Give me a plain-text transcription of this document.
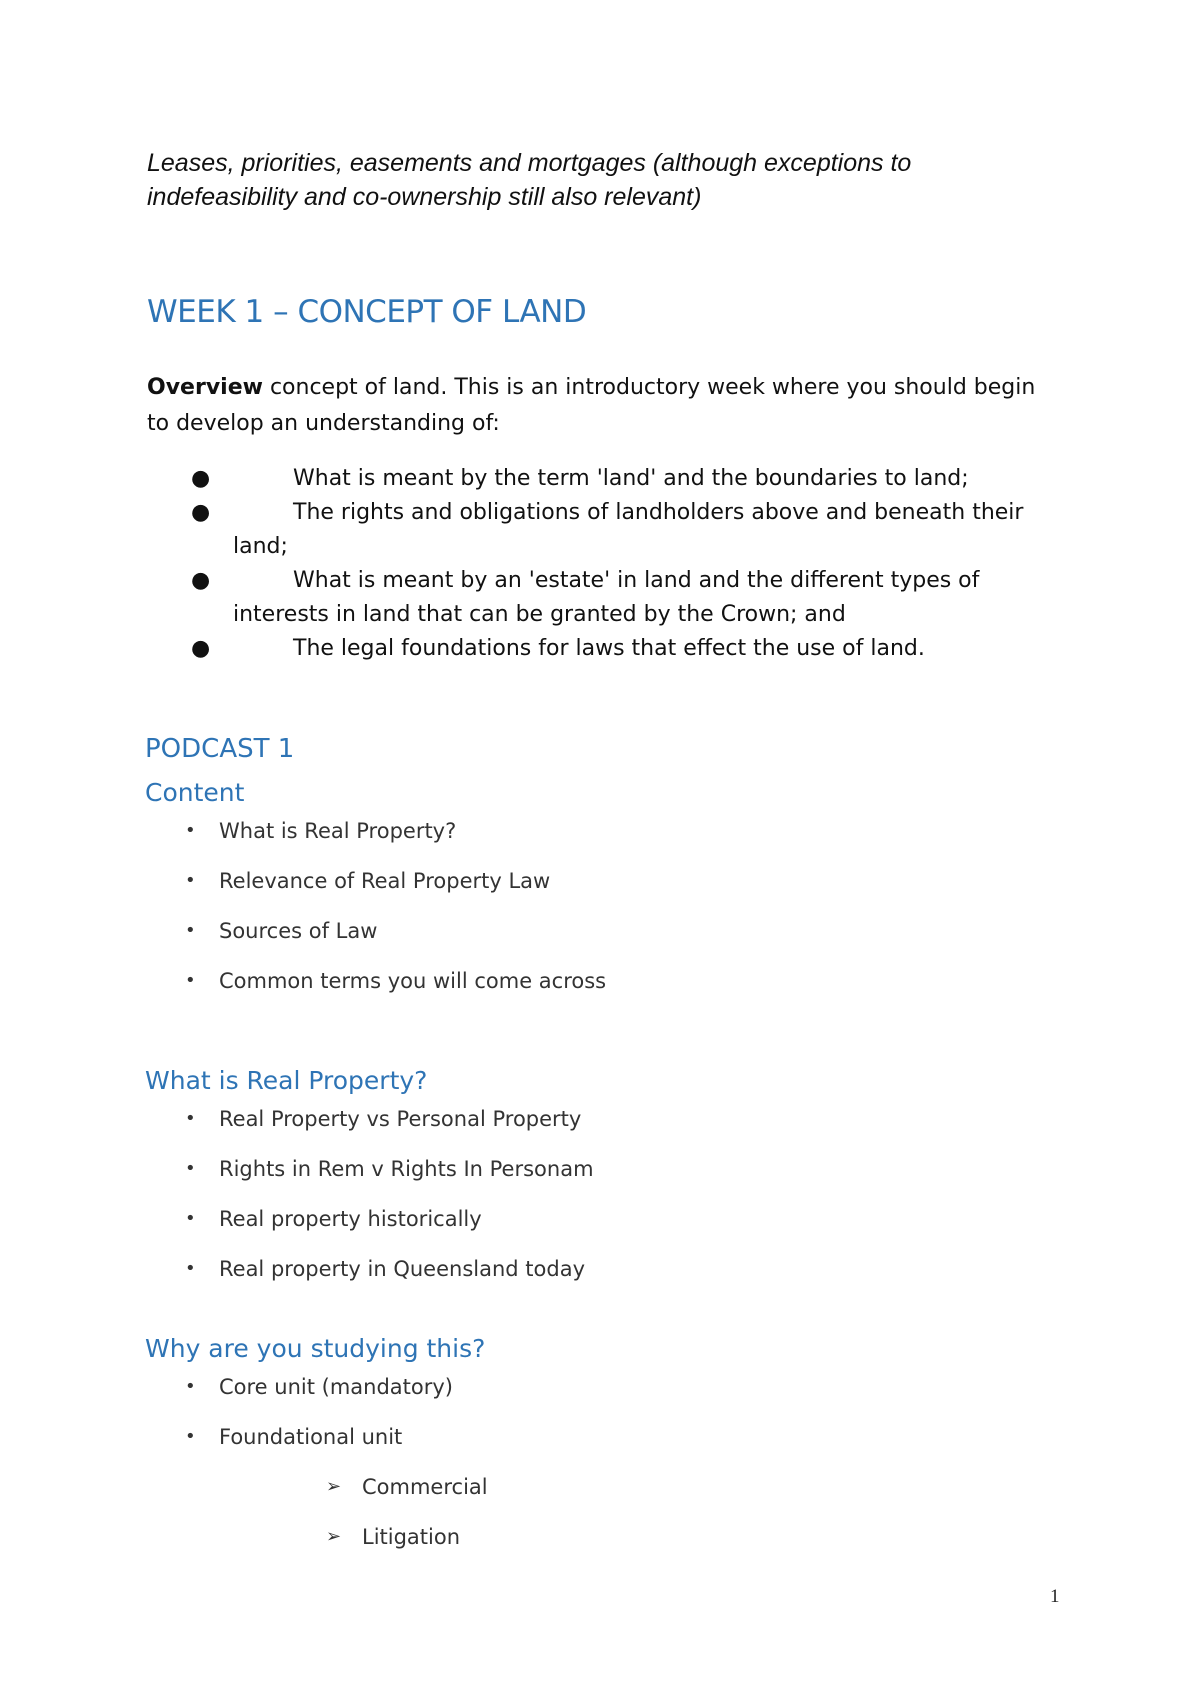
Leases, priorities, easements and mortgages (although exceptions to indefeasibility and co-ownership still also relevant)
WEEK 1 – CONCEPT OF LAND
Overview concept of land. This is an introductory week where you should begin to develop an understanding of:
●	What is meant by the term 'land' and the boundaries to land;
●	The rights and obligations of landholders above and beneath their land;
●	What is meant by an 'estate' in land and the different types of interests in land that can be granted by the Crown; and
●	The legal foundations for laws that effect the use of land.
PODCAST 1
Content
• What is Real Property?
• Relevance of Real Property Law
• Sources of Law
• Common terms you will come across
What is Real Property?
• Real Property vs Personal Property
• Rights in Rem v Rights In Personam
• Real property historically
• Real property in Queensland today
Why are you studying this?
• Core unit (mandatory)
• Foundational unit
➢ Commercial
➢ Litigation
1
